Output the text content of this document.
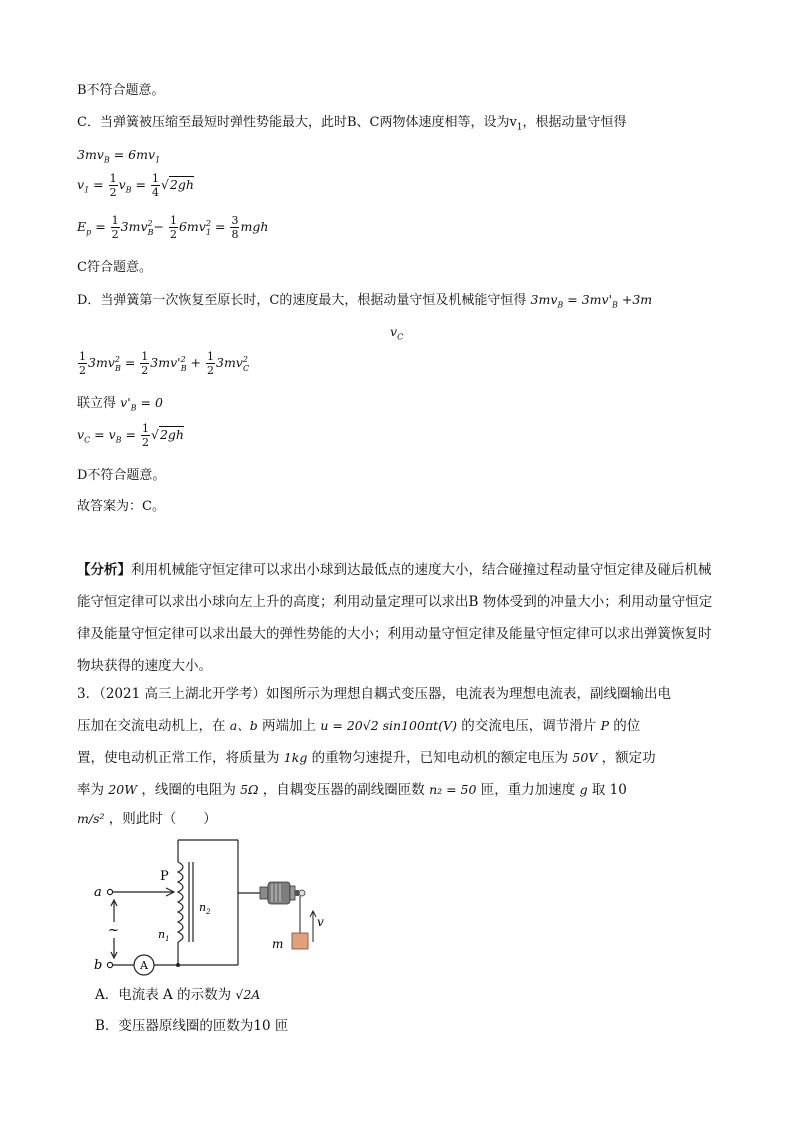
B不符合题意。
C．当弹簧被压缩至最短时弹性势能最大，此时B、C两物体速度相等，设为$v_1$，根据动量守恒得
$3mv_B = 6mv_1$
$v_1 = \frac{1}{2} v_B = \frac{1}{4} √2gh$
$E_p = \frac{1}{2} 3mv^2_B- \frac{1}{2} 6mv^2_1 = \frac{3}{8}$ mgh
C符合题意。
D．当弹簧第一次恢复至原长时，C的速度最大，根据动量守恒及机械能守恒得 $3mv_B = 3mv'_B +3m$
$v_C$
$\frac{1}{2} 3mv^2_B = \frac{1}{2} 3mv'^2_B + \frac{1}{2} 3mv^2_C$
联立得 $v'_B = 0$
$v_C = v_B = \frac{1}{2} √2gh$
D不符合题意。
故答案为：C。
【分析】利用机械能守恒定律可以求出小球到达最低点的速度大小，结合碰撞过程动量守恒定律及碰后机械能守恒定律可以求出小球向左上升的高度；利用动量定理可以求出B 物体受到的冲量大小；利用动量守恒定律及能量守恒定律可以求出最大的弹性势能的大小；利用动量守恒定律及能量守恒定律可以求出弹簧恢复时物块获得的速度大小。
3．（2021 高三上湖北开学考）如图所示为理想自耦式变压器，电流表为理想电流表，副线圈输出电
压加在交流电动机上，在 a、b 两端加上 u = 20√2 sin100πt(V) 的交流电压，调节滑片 P 的位
置，使电动机正常工作，将质量为 1kg 的重物匀速提升，已知电动机的额定电压为 50V ，额定功
率为 20W ，线圈的电阻为 5Ω ，自耦变压器的副线圈匝数 n₂ = 50 匝，重力加速度 g 取 10
m/s² ，则此时（　　）
A
a
b
~
P
$n_1$
$n_2$
m
v
A．电流表 A 的示数为 √2A
B．变压器原线圈的匝数为10 匝
